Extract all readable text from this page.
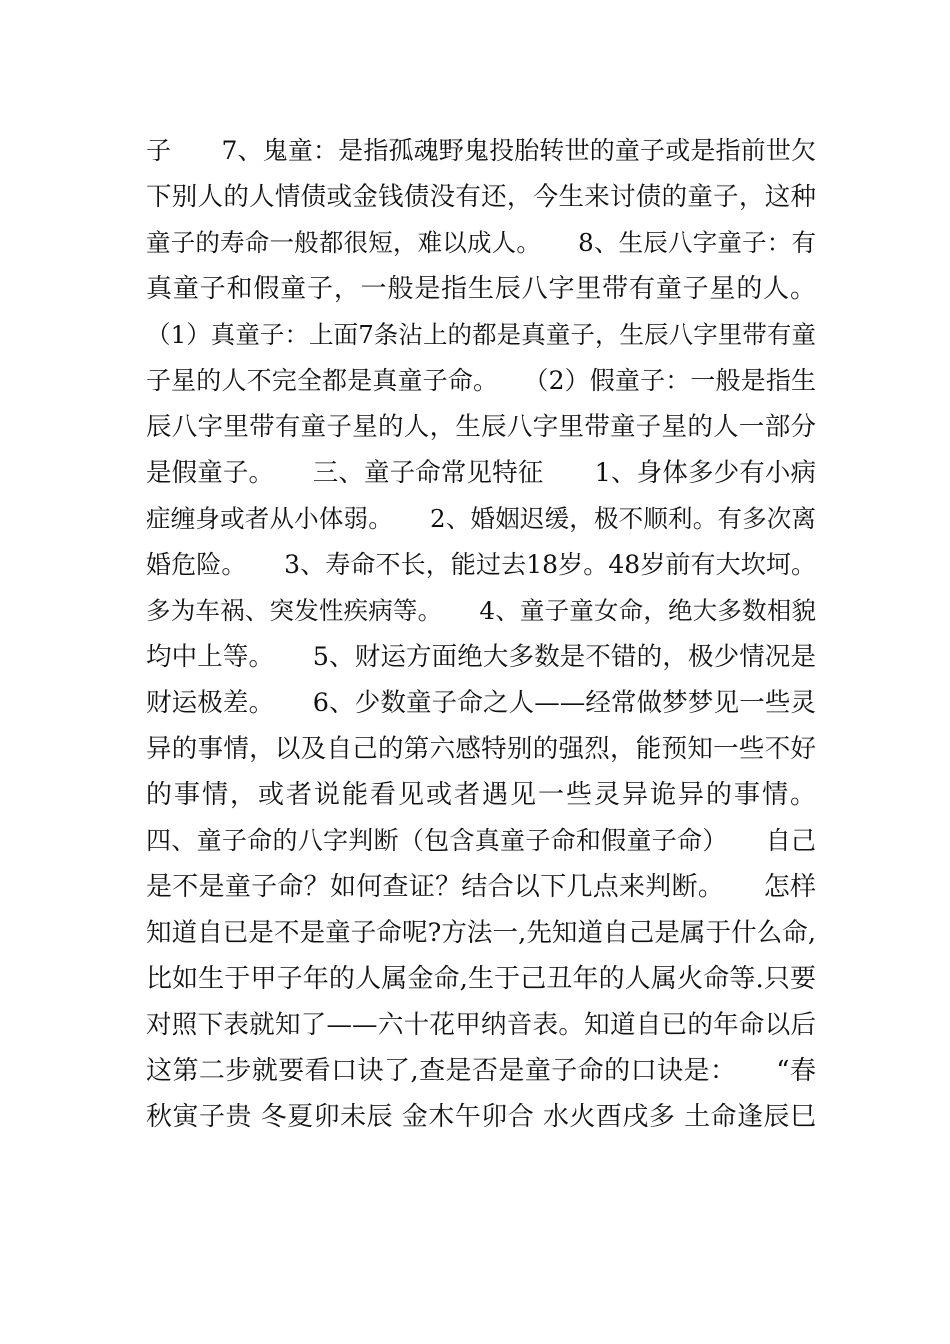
子　　7、鬼童：是指孤魂野鬼投胎转世的童子或是指前世欠
下别人的人情债或金钱债没有还，今生来讨债的童子，这种
童子的寿命一般都很短，难以成人。　　8、生辰八字童子：有
真童子和假童子，一般是指生辰八字里带有童子星的人。
（1）真童子：上面7条沾上的都是真童子，生辰八字里带有童
子星的人不完全都是真童子命。　　（2）假童子：一般是指生
辰八字里带有童子星的人，生辰八字里带童子星的人一部分
是假童子。　　三、童子命常见特征　　1、身体多少有小病
症缠身或者从小体弱。　　2、婚姻迟缓，极不顺利。有多次离
婚危险。　　3、寿命不长，能过去18岁。48岁前有大坎坷。
多为车祸、突发性疾病等。　　4、童子童女命，绝大多数相貌
均中上等。　　5、财运方面绝大多数是不错的，极少情况是
财运极差。　　6、少数童子命之人——经常做梦梦见一些灵
异的事情，以及自己的第六感特别的强烈，能预知一些不好
的事情，或者说能看见或者遇见一些灵异诡异的事情。
四、童子命的八字判断（包含真童子命和假童子命）　　自己
是不是童子命？如何查证？结合以下几点来判断。　　怎样
知道自已是不是童子命呢?方法一,先知道自己是属于什么命,
比如生于甲子年的人属金命,生于己丑年的人属火命等.只要
对照下表就知了——六十花甲纳音表。知道自已的年命以后
这第二步就要看口诀了,查是否是童子命的口诀是：　　“春
秋寅子贵 冬夏卯未辰 金木午卯合 水火酉戌多 土命逢辰巳
